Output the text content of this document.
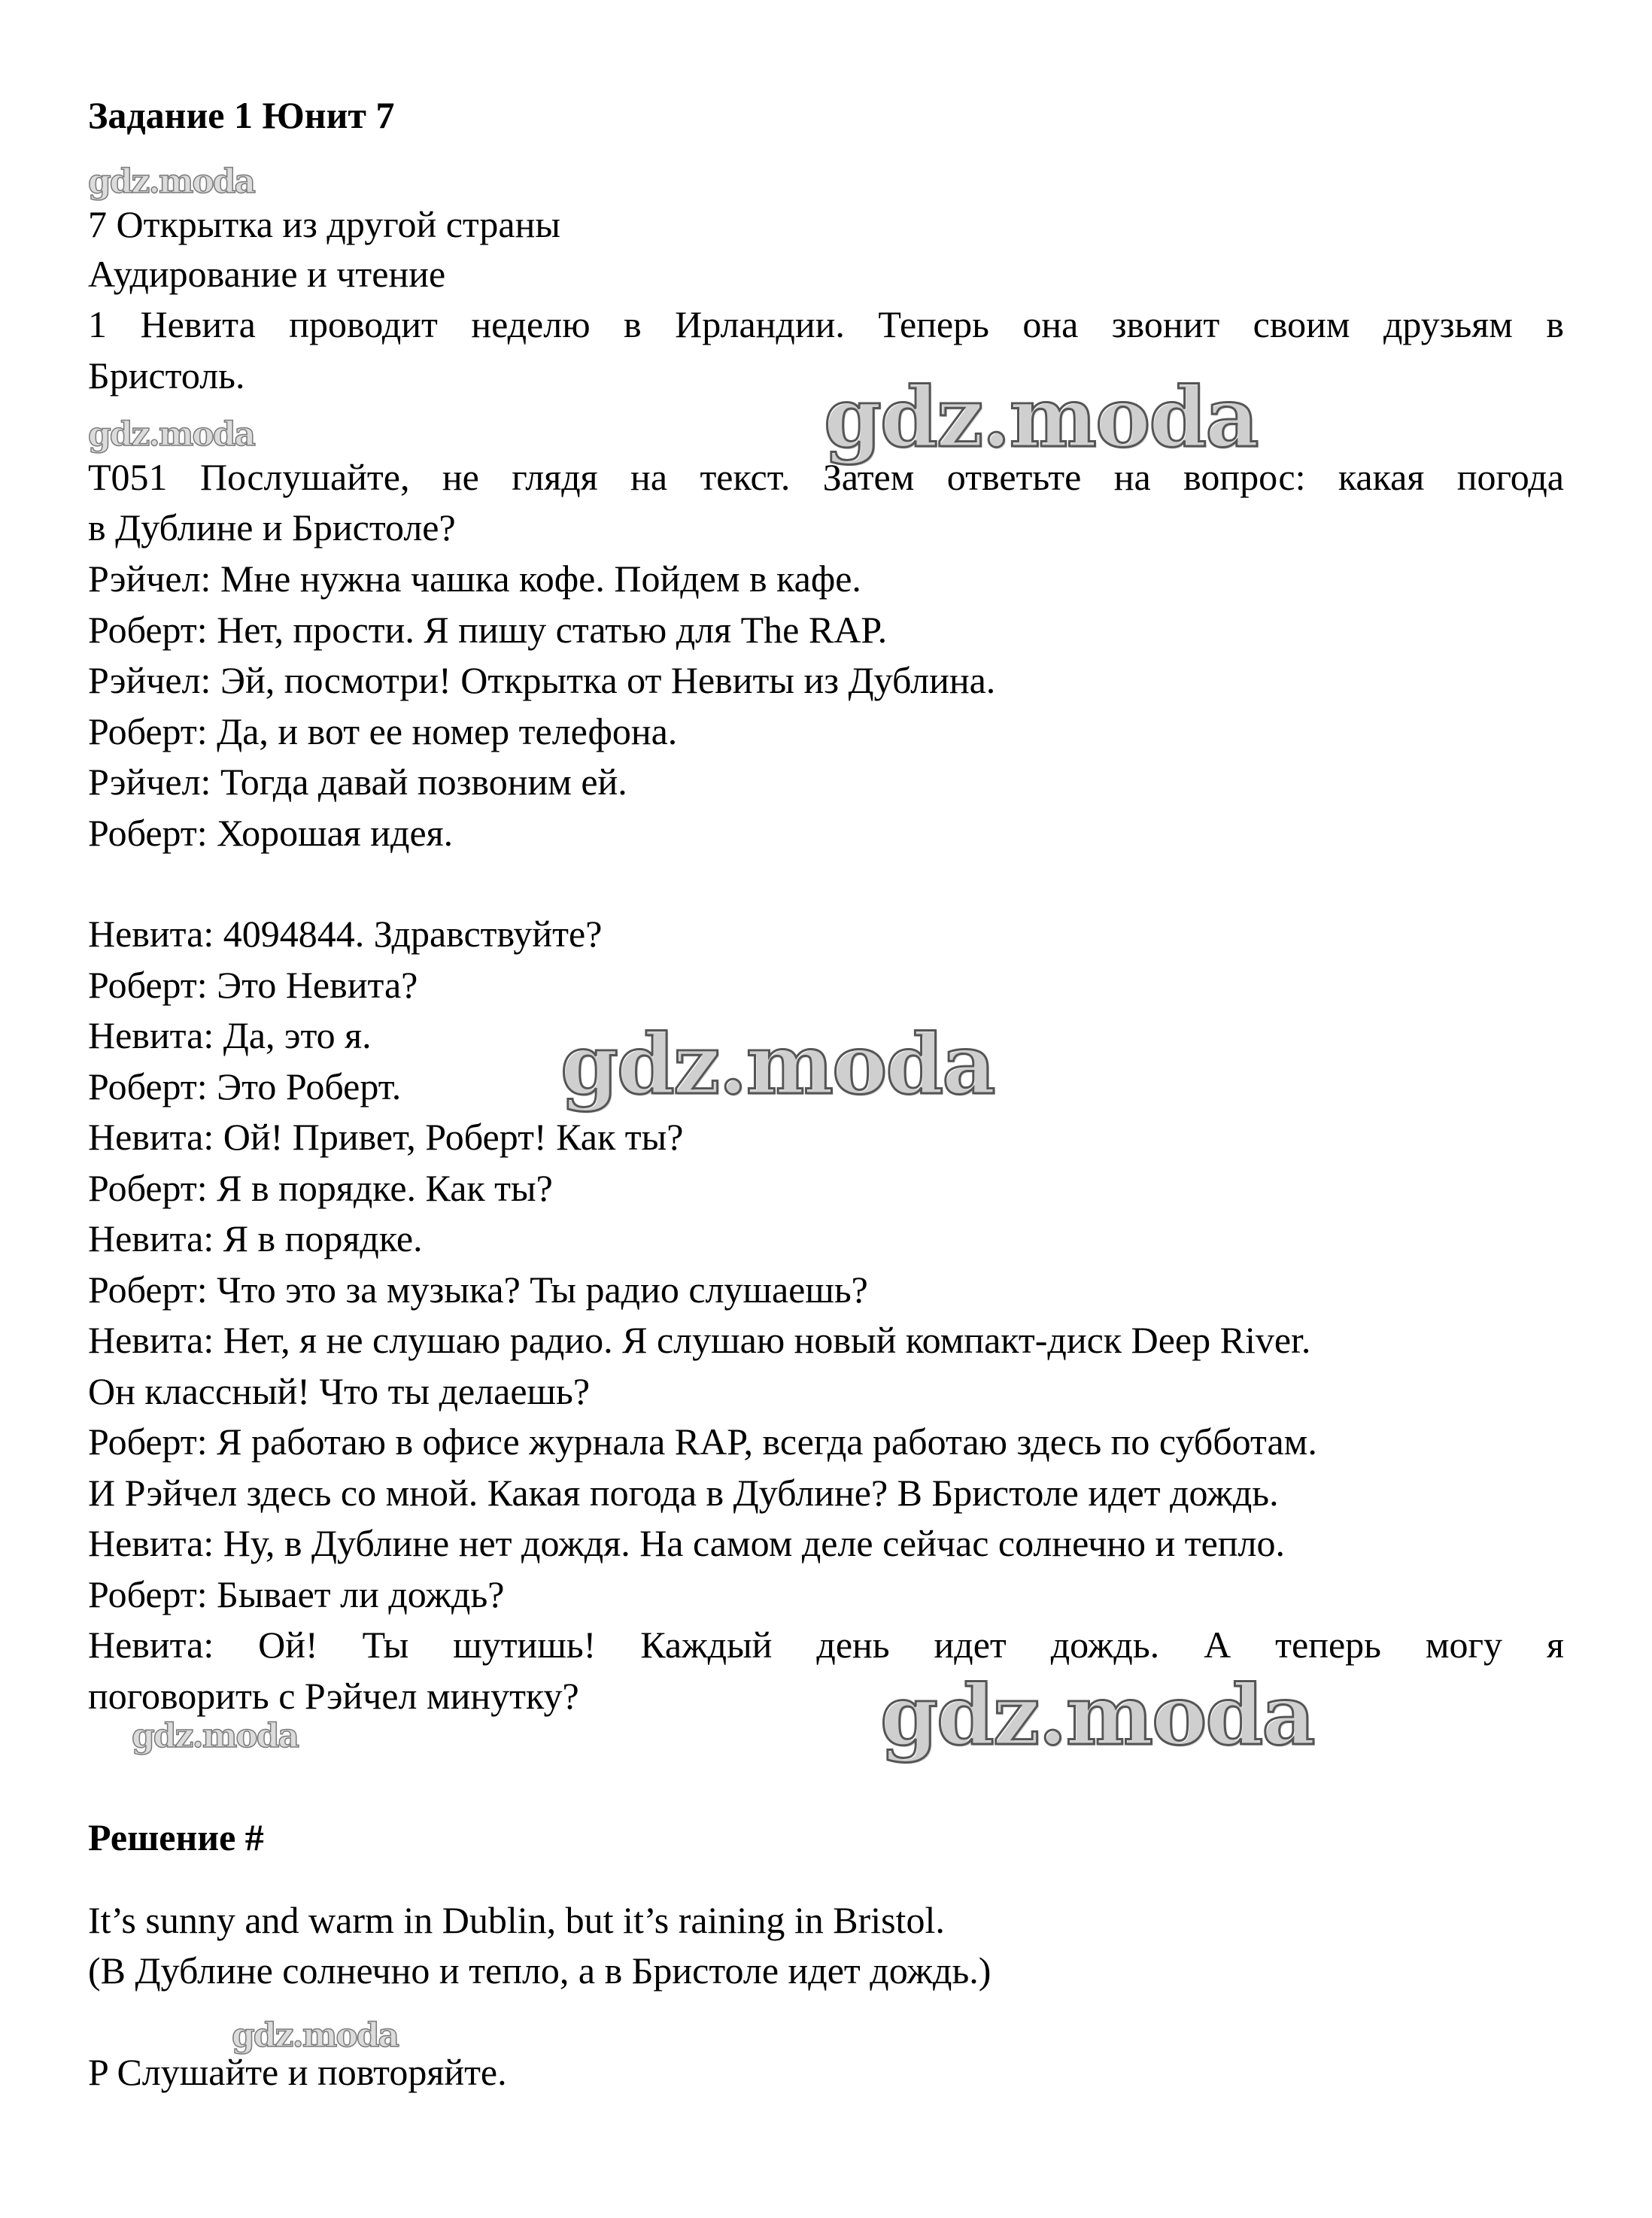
Задание 1 Юнит 7
gdz.moda
7 Открытка из другой страны
Аудирование и чтение
1 Невита проводит неделю в Ирландии. Теперь она звонит своим друзьям в
Бристоль.	gdz.moda
gdz.moda
T051 Послушайте, не глядя на текст. Затем ответьте на вопрос: какая погода
в Дублине и Бристоле?
Рэйчел: Мне нужна чашка кофе. Пойдем в кафе.
Роберт: Нет, прости. Я пишу статью для The RAP.
Рэйчел: Эй, посмотри! Открытка от Невиты из Дублина.
Роберт: Да, и вот ее номер телефона.
Рэйчел: Тогда давай позвоним ей.
Роберт: Хорошая идея.
Невита: 4094844. Здравствуйте?
Роберт: Это Невита?
Невита: Да, это я. gdz.moda
Роберт: Это Роберт.
Невита: Ой! Привет, Роберт! Как ты?
Роберт: Я в порядке. Как ты?
Невита: Я в порядке.
Роберт: Что это за музыка? Ты радио слушаешь?
Невита: Нет, я не слушаю радио. Я слушаю новый компакт-диск Deep River.
Он классный! Что ты делаешь?
Роберт: Я работаю в офисе журнала RAP, всегда работаю здесь по субботам.
И Рэйчел здесь со мной. Какая погода в Дублине? В Бристоле идет дождь.
Невита: Ну, в Дублине нет дождя. На самом деле сейчас солнечно и тепло.
Роберт: Бывает ли дождь?
Невита: Ой! Ты шутишь! Каждый день идет дождь. А теперь могу я
поговорить с Рэйчел минутку?	gdz.moda
gdz.moda
Решение #
It’s sunny and warm in Dublin, but it’s raining in Bristol.
(В Дублине солнечно и тепло, а в Бристоле идет дождь.)
gdz.moda
P Слушайте и повторяйте.
